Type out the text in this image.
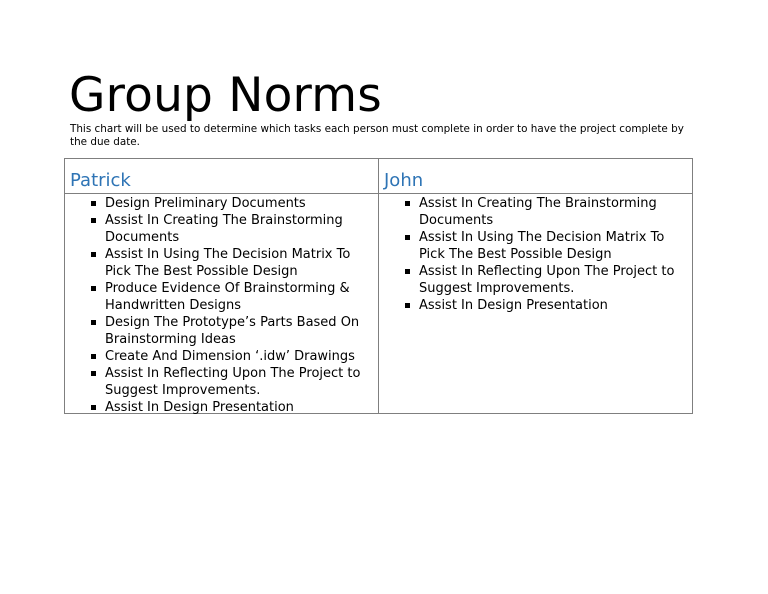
Group Norms

This chart will be used to determine which tasks each person must complete in order to have the project complete by the due date.

Patrick
Design Preliminary Documents
Assist In Creating The Brainstorming Documents
Assist In Using The Decision Matrix To Pick The Best Possible Design
Produce Evidence Of Brainstorming & Handwritten Designs
Design The Prototype’s Parts Based On Brainstorming Ideas
Create And Dimension ‘.idw’ Drawings
Assist In Reflecting Upon The Project to Suggest Improvements.
Assist In Design Presentation
John
Assist In Creating The Brainstorming Documents
Assist In Using The Decision Matrix To Pick The Best Possible Design
Assist In Reflecting Upon The Project to Suggest Improvements.
Assist In Design Presentation
